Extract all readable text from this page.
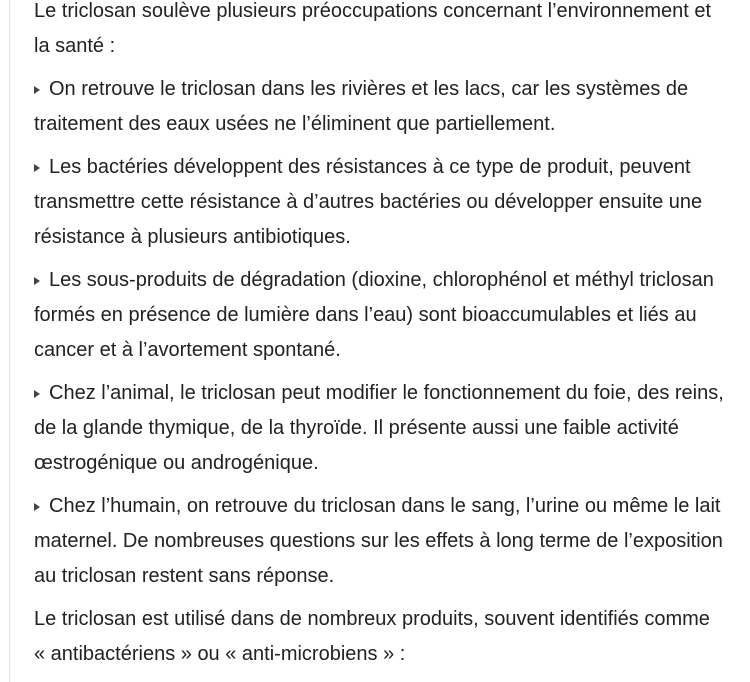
Le triclosan soulève plusieurs préoccupations concernant l’environnement et
la santé :

On retrouve le triclosan dans les rivières et les lacs, car les systèmes de
traitement des eaux usées ne l’éliminent que partiellement.

Les bactéries développent des résistances à ce type de produit, peuvent
transmettre cette résistance à d’autres bactéries ou développer ensuite une
résistance à plusieurs antibiotiques.

Les sous-produits de dégradation (dioxine, chlorophénol et méthyl triclosan
formés en présence de lumière dans l’eau) sont bioaccumulables et liés au
cancer et à l’avortement spontané.

Chez l’animal, le triclosan peut modifier le fonctionnement du foie, des reins,
de la glande thymique, de la thyroïde. Il présente aussi une faible activité
œstrogénique ou androgénique.

Chez l’humain, on retrouve du triclosan dans le sang, l’urine ou même le lait
maternel. De nombreuses questions sur les effets à long terme de l’exposition
au triclosan restent sans réponse.

Le triclosan est utilisé dans de nombreux produits, souvent identifiés comme
« antibactériens » ou « anti-microbiens » :
